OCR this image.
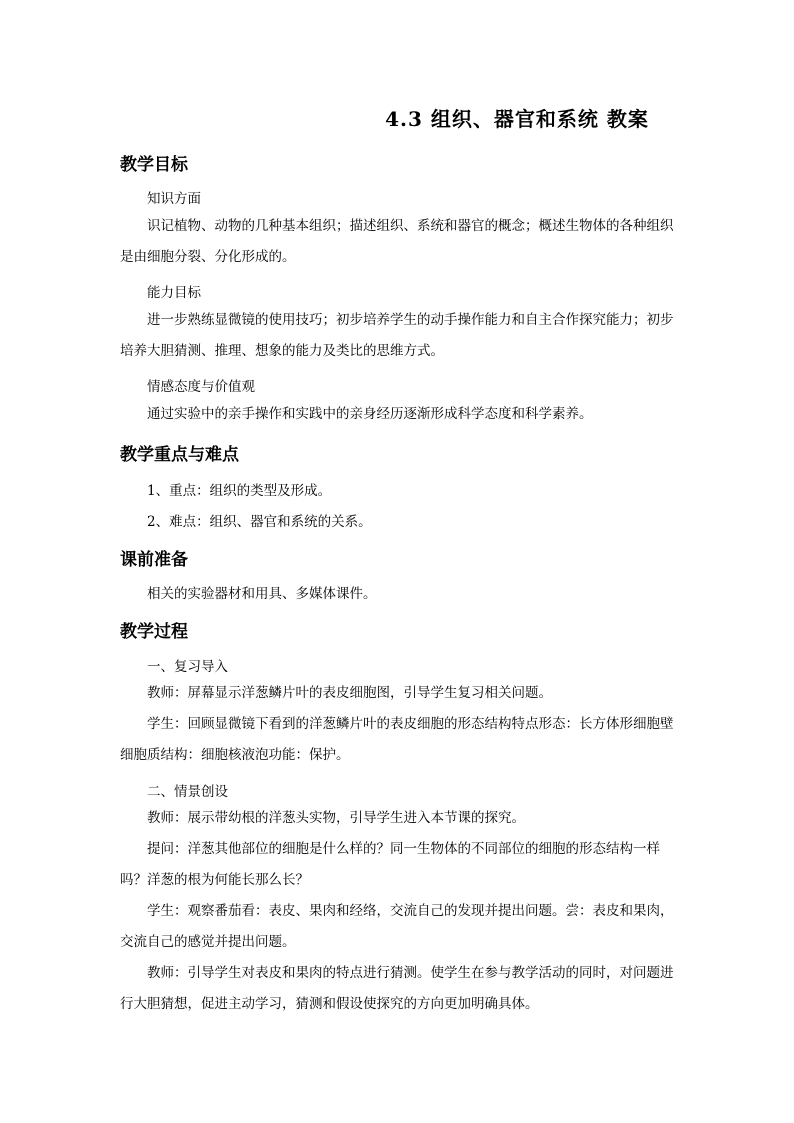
4.3 组织、器官和系统 教案
教学目标
知识方面
识记植物、动物的几种基本组织；描述组织、系统和器官的概念；概述生物体的各种组织是由细胞分裂、分化形成的。
能力目标
进一步熟练显微镜的使用技巧；初步培养学生的动手操作能力和自主合作探究能力；初步培养大胆猜测、推理、想象的能力及类比的思维方式。
情感态度与价值观
通过实验中的亲手操作和实践中的亲身经历逐渐形成科学态度和科学素养。
教学重点与难点
1、重点：组织的类型及形成。
2、难点：组织、器官和系统的关系。
课前准备
相关的实验器材和用具、多媒体课件。
教学过程
一、复习导入
教师：屏幕显示洋葱鳞片叶的表皮细胞图，引导学生复习相关问题。
学生：回顾显微镜下看到的洋葱鳞片叶的表皮细胞的形态结构特点形态：长方体形细胞壁细胞质结构：细胞核液泡功能：保护。
二、情景创设
教师：展示带幼根的洋葱头实物，引导学生进入本节课的探究。
提问：洋葱其他部位的细胞是什么样的？同一生物体的不同部位的细胞的形态结构一样吗？洋葱的根为何能长那么长？
学生：观察番茄看：表皮、果肉和经络，交流自己的发现并提出问题。尝：表皮和果肉，交流自己的感觉并提出问题。
教师：引导学生对表皮和果肉的特点进行猜测。使学生在参与教学活动的同时，对问题进行大胆猜想，促进主动学习，猜测和假设使探究的方向更加明确具体。
